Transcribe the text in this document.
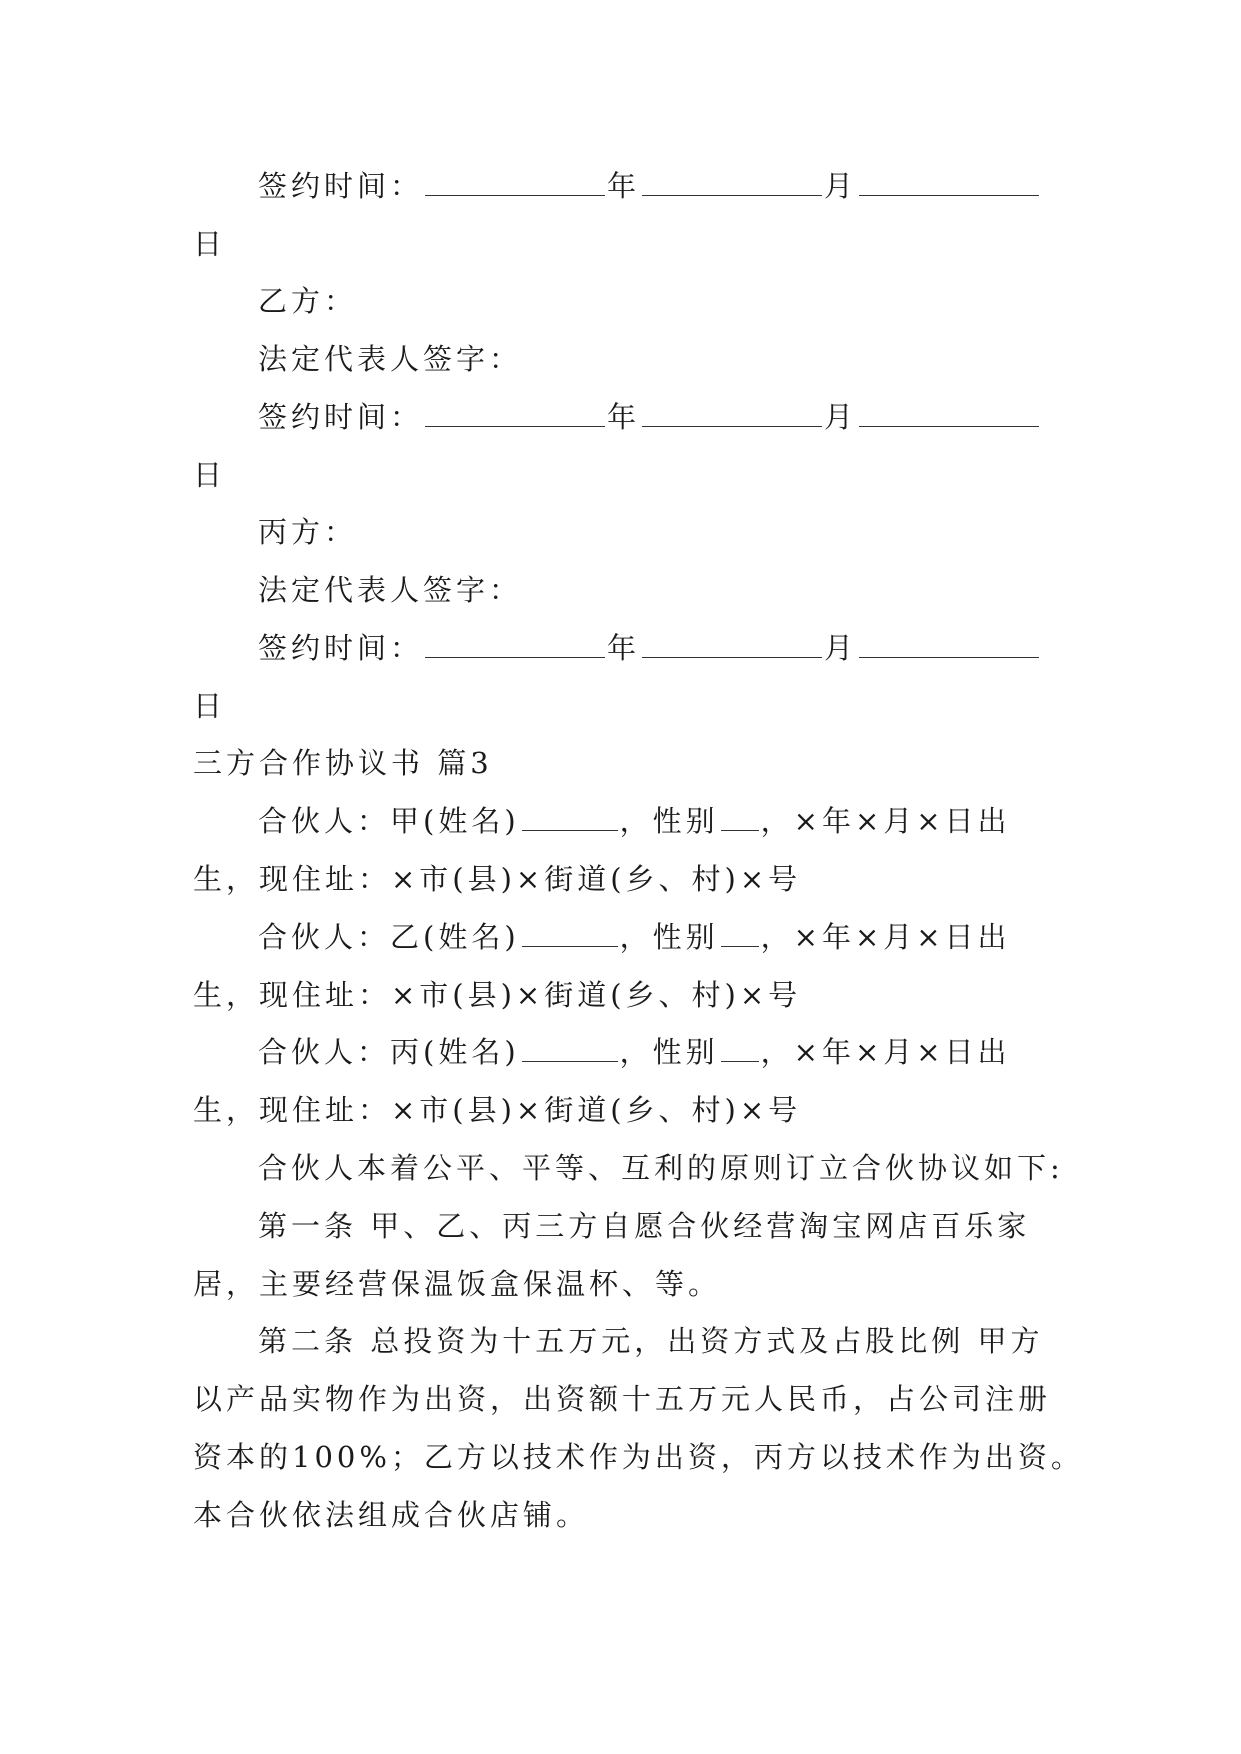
签约时间：	年	月
日
乙方：
法定代表人签字：
签约时间：	年	月
日
丙方：
法定代表人签字：
签约时间：	年	月
日
三方合作协议书 篇3
合伙人：甲(姓名)	，性别 ，×年×月×日出
生，现住址：×市(县)×街道(乡、村)×号
合伙人：乙(姓名)	，性别 ，×年×月×日出
生，现住址：×市(县)×街道(乡、村)×号
合伙人：丙(姓名)	，性别 ，×年×月×日出
生，现住址：×市(县)×街道(乡、村)×号
合伙人本着公平、平等、互利的原则订立合伙协议如下:
第一条 甲、乙、丙三方自愿合伙经营淘宝网店百乐家
居，主要经营保温饭盒保温杯、等。
第二条 总投资为十五万元，出资方式及占股比例 甲方
以产品实物作为出资，出资额十五万元人民币，占公司注册
资本的100%；乙方以技术作为出资，丙方以技术作为出资。
本合伙依法组成合伙店铺。
